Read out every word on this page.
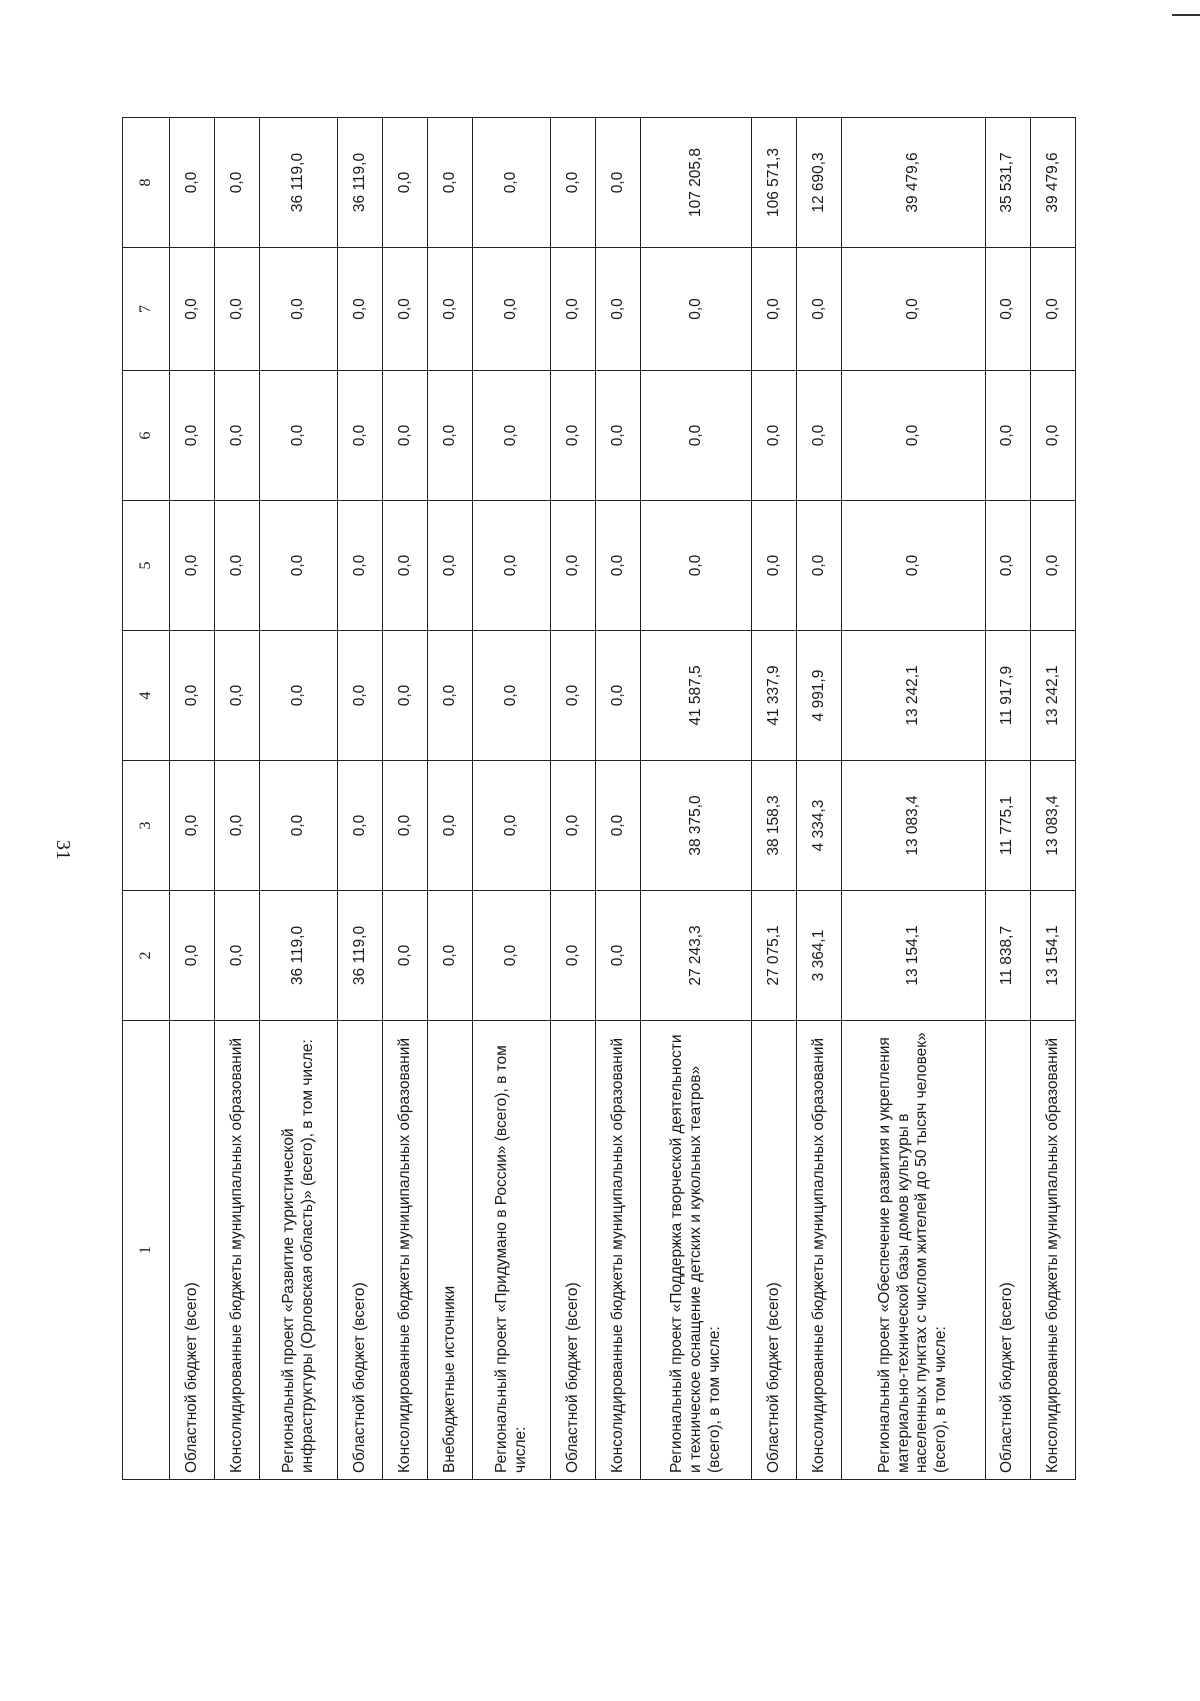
31
1	2	3	4	5	6	7	8
Областной бюджет (всего)	0,0	0,0	0,0	0,0	0,0	0,0	0,0
Консолидированные бюджеты муниципальных образований	0,0	0,0	0,0	0,0	0,0	0,0	0,0
Региональный проект «Развитие туристической инфраструктуры (Орловская область)» (всего), в том числе:	36 119,0	0,0	0,0	0,0	0,0	0,0	36 119,0
Областной бюджет (всего)	36 119,0	0,0	0,0	0,0	0,0	0,0	36 119,0
Консолидированные бюджеты муниципальных образований	0,0	0,0	0,0	0,0	0,0	0,0	0,0
Внебюджетные источники	0,0	0,0	0,0	0,0	0,0	0,0	0,0
Региональный проект «Придумано в России» (всего), в том числе:	0,0	0,0	0,0	0,0	0,0	0,0	0,0
Областной бюджет (всего)	0,0	0,0	0,0	0,0	0,0	0,0	0,0
Консолидированные бюджеты муниципальных образований	0,0	0,0	0,0	0,0	0,0	0,0	0,0
Региональный проект «Поддержка творческой деятельности и техническое оснащение детских и кукольных театров» (всего), в том числе:	27 243,3	38 375,0	41 587,5	0,0	0,0	0,0	107 205,8
Областной бюджет (всего)	27 075,1	38 158,3	41 337,9	0,0	0,0	0,0	106 571,3
Консолидированные бюджеты муниципальных образований	3 364,1	4 334,3	4 991,9	0,0	0,0	0,0	12 690,3
Региональный проект «Обеспечение развития и укрепления материально-технической базы домов культуры в населенных пунктах с числом жителей до 50 тысяч человек» (всего), в том числе:	13 154,1	13 083,4	13 242,1	0,0	0,0	0,0	39 479,6
Областной бюджет (всего)	11 838,7	11 775,1	11 917,9	0,0	0,0	0,0	35 531,7
Консолидированные бюджеты муниципальных образований	13 154,1	13 083,4	13 242,1	0,0	0,0	0,0	39 479,6
